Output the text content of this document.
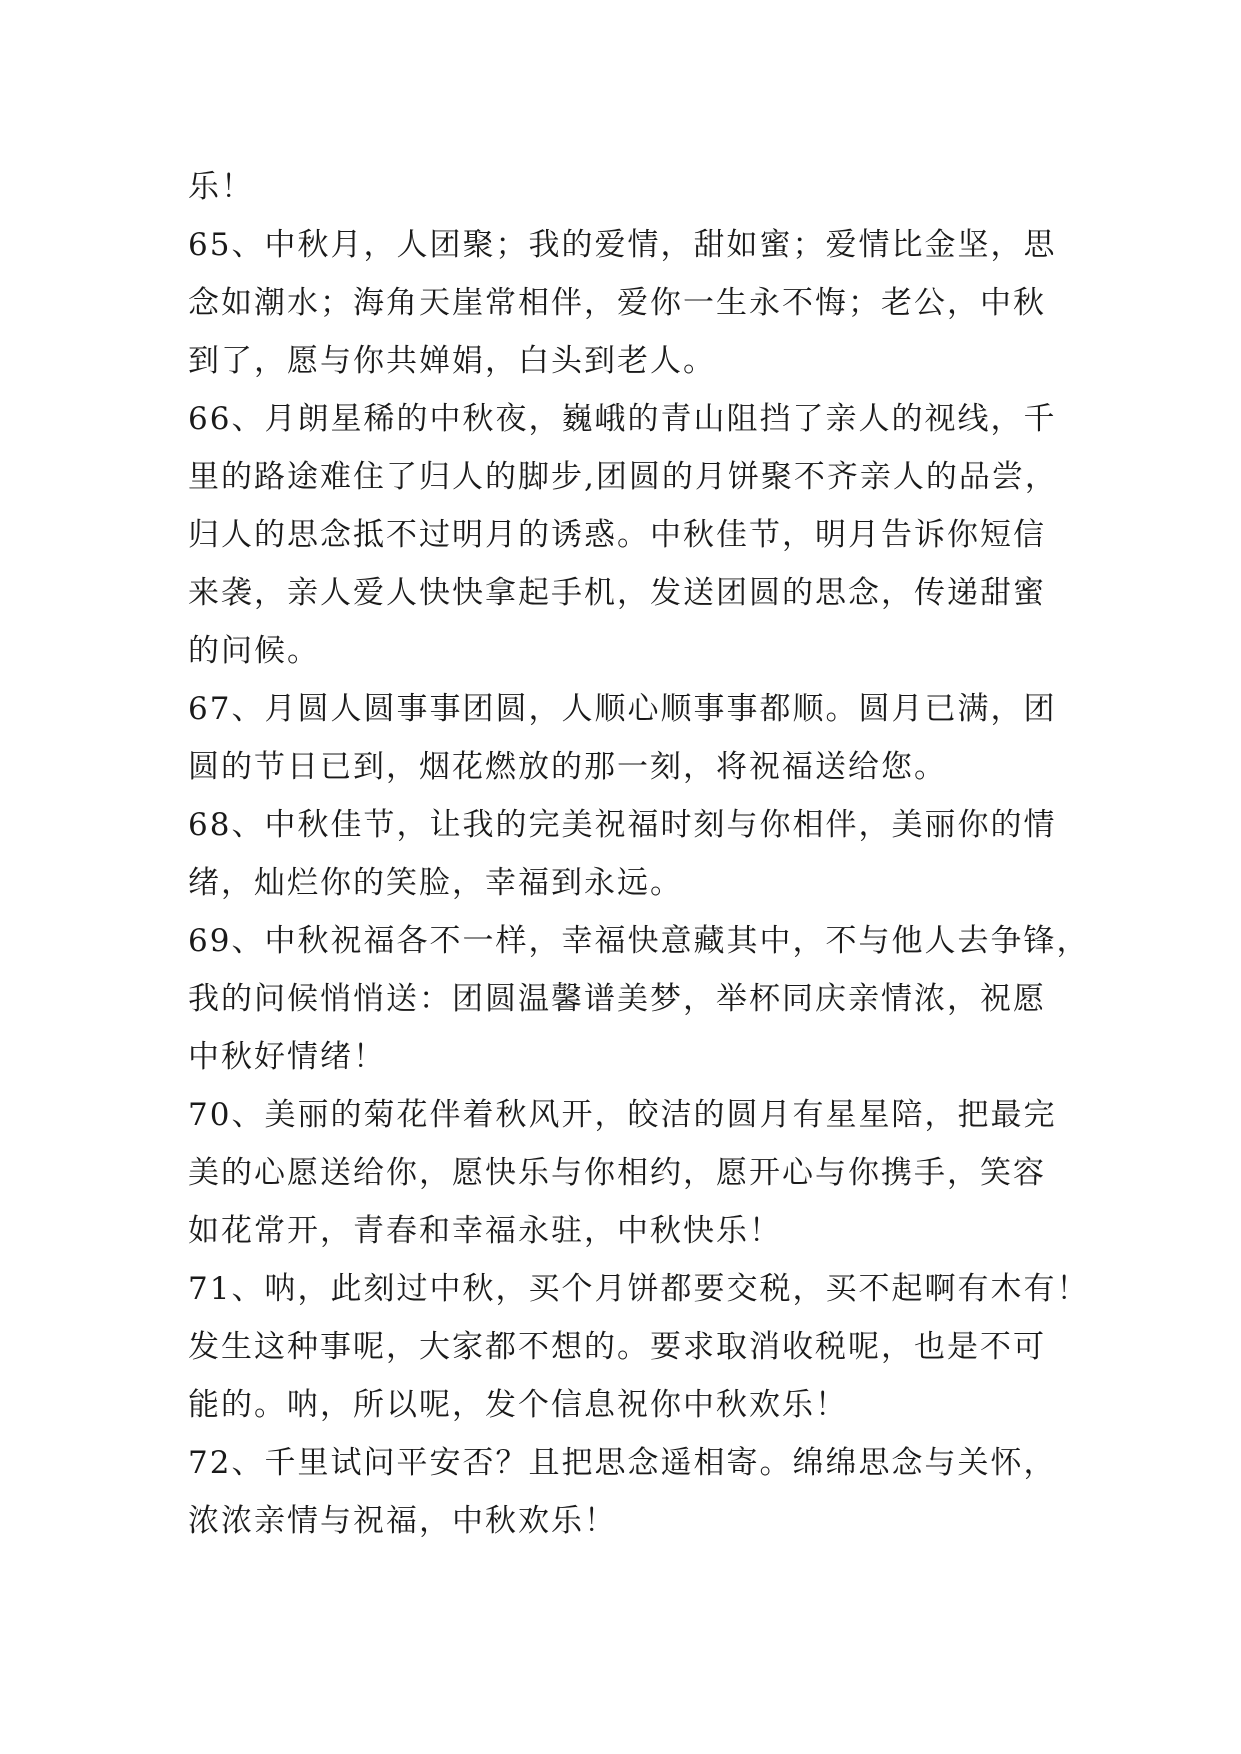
乐！
65、中秋月，人团聚；我的爱情，甜如蜜；爱情比金坚，思
念如潮水；海角天崖常相伴，爱你一生永不悔；老公，中秋
到了，愿与你共婵娟，白头到老人。
66、月朗星稀的中秋夜，巍峨的青山阻挡了亲人的视线，千
里的路途难住了归人的脚步,团圆的月饼聚不齐亲人的品尝，
归人的思念抵不过明月的诱惑。中秋佳节，明月告诉你短信
来袭，亲人爱人快快拿起手机，发送团圆的思念，传递甜蜜
的问候。
67、月圆人圆事事团圆，人顺心顺事事都顺。圆月已满，团
圆的节日已到，烟花燃放的那一刻，将祝福送给您。
68、中秋佳节，让我的完美祝福时刻与你相伴，美丽你的情
绪，灿烂你的笑脸，幸福到永远。
69、中秋祝福各不一样，幸福快意藏其中，不与他人去争锋，
我的问候悄悄送：团圆温馨谱美梦，举杯同庆亲情浓，祝愿
中秋好情绪！
70、美丽的菊花伴着秋风开，皎洁的圆月有星星陪，把最完
美的心愿送给你，愿快乐与你相约，愿开心与你携手，笑容
如花常开，青春和幸福永驻，中秋快乐！
71、呐，此刻过中秋，买个月饼都要交税，买不起啊有木有！
发生这种事呢，大家都不想的。要求取消收税呢，也是不可
能的。呐，所以呢，发个信息祝你中秋欢乐！
72、千里试问平安否？且把思念遥相寄。绵绵思念与关怀，
浓浓亲情与祝福，中秋欢乐！
